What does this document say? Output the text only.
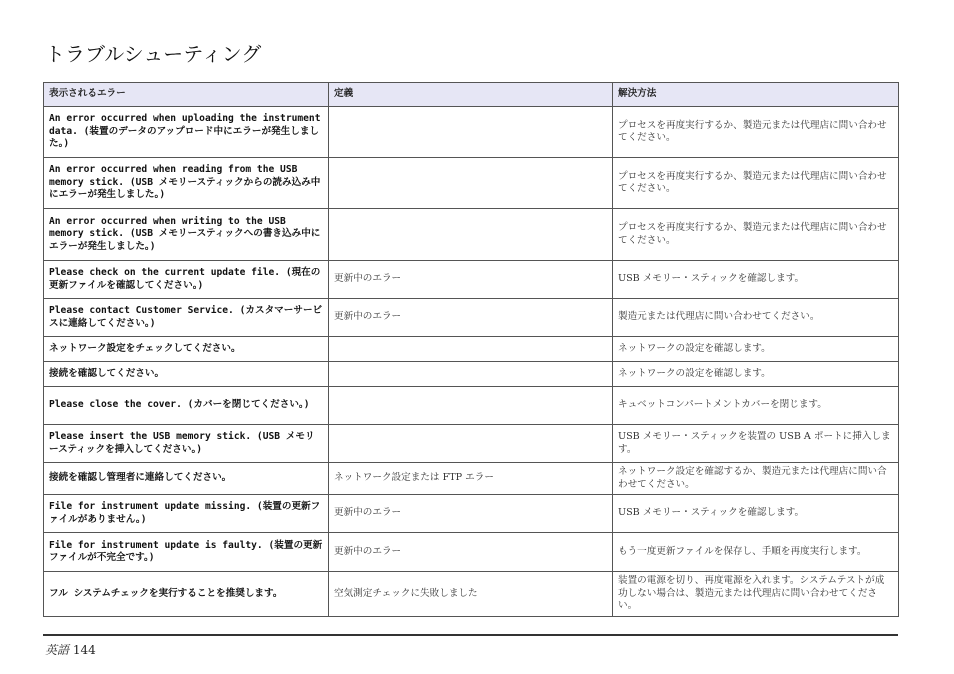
トラブルシューティング
表示されるエラー	定義	解決方法
An error occurred when uploading the instrument data. (装置のデータのアップロード中にエラーが発生しました。)		プロセスを再度実行するか、製造元または代理店に問い合わせてください。
An error occurred when reading from the USB memory stick. (USB メモリースティックからの読み込み中にエラーが発生しました。)		プロセスを再度実行するか、製造元または代理店に問い合わせてください。
An error occurred when writing to the USB memory stick. (USB メモリースティックへの書き込み中にエラーが発生しました。)		プロセスを再度実行するか、製造元または代理店に問い合わせてください。
Please check on the current update file. (現在の更新ファイルを確認してください。)	更新中のエラー	USB メモリー・スティックを確認します。
Please contact Customer Service. (カスタマーサービスに連絡してください。)	更新中のエラー	製造元または代理店に問い合わせてください。
ネットワーク設定をチェックしてください。		ネットワークの設定を確認します。
接続を確認してください。		ネットワークの設定を確認します。
Please close the cover. (カバーを閉じてください。)		キュベットコンパートメントカバーを閉じます。
Please insert the USB memory stick. (USB メモリースティックを挿入してください。)		USB メモリー・スティックを装置の USB A ポートに挿入します。
接続を確認し管理者に連絡してください。	ネットワーク設定または FTP エラー	ネットワーク設定を確認するか、製造元または代理店に問い合わせてください。
File for instrument update missing. (装置の更新ファイルがありません。)	更新中のエラー	USB メモリー・スティックを確認します。
File for instrument update is faulty. (装置の更新ファイルが不完全です。)	更新中のエラー	もう一度更新ファイルを保存し、手順を再度実行します。
フル システムチェックを実行することを推奨します。	空気測定チェックに失敗しました	装置の電源を切り、再度電源を入れます。システムテストが成功しない場合は、製造元または代理店に問い合わせてください。
英語 144
